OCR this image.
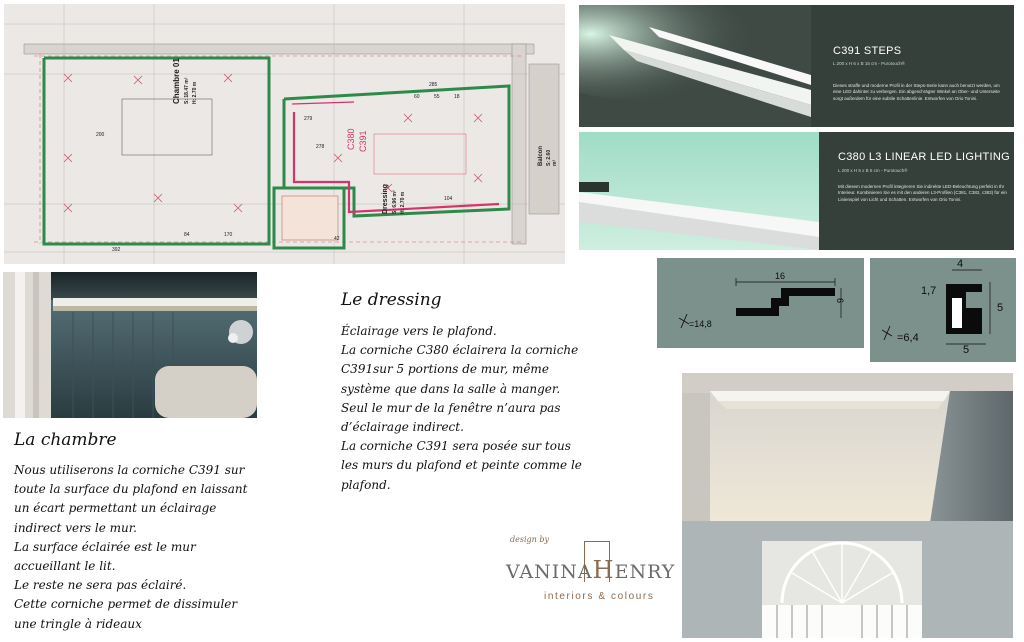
Chambre 01 S: 18.47 m² H: 2.70 m
Dressing S: 6.96 m² H: 2.70 m
Balcon S: 2.60 m²
C380 C391
392
285
104
170
42
84
200
279
278
60	55	18
C391 STEPS
L 200 x H 6 x B 16 cm - Purotouch®
Dieses straffe und moderne Profil in der Steps-Serie kann auch benutzt werden, um eine LED dahinter zu verbergen. Ein abgeschrägter Winkel an Ober- und Unterseite sorgt außerdem für eine subtile Schattenlinie. Entworfen von Orio Tonini.
C380 L3 LINEAR LED LIGHTING
L 200 x H 5 x B 5 cm - Purotouch®
Mit diesem modernen Profil integrieren Sie indirekte LED-Beleuchtung perfekt in Ihr Interieur. Kombinieren Sie es mit den anderen L3-Profilen (C381, C382, c383) für ein Linienspiel von Licht und Schatten. Entworfen von Orio Tonini.
16
6
=14,8
4
1,7
5
5
=6,4
Le dressing
Éclairage vers le plafond.
La corniche C380 éclairera la corniche
C391sur 5 portions de mur, même
système que dans la salle à manger.
Seul le mur de la fenêtre n’aura pas
d’éclairage indirect.
La corniche C391 sera posée sur tous
les murs du plafond et peinte comme le
plafond.
La chambre
Nous utiliserons la corniche C391 sur
toute la surface du plafond en laissant
un écart permettant un éclairage
indirect vers le mur.
La surface éclairée est le mur
accueillant le lit.
Le reste ne sera pas éclairé.
Cette corniche permet de dissimuler
une tringle à rideaux
design by
VANINAHENRY
interiors & colours
